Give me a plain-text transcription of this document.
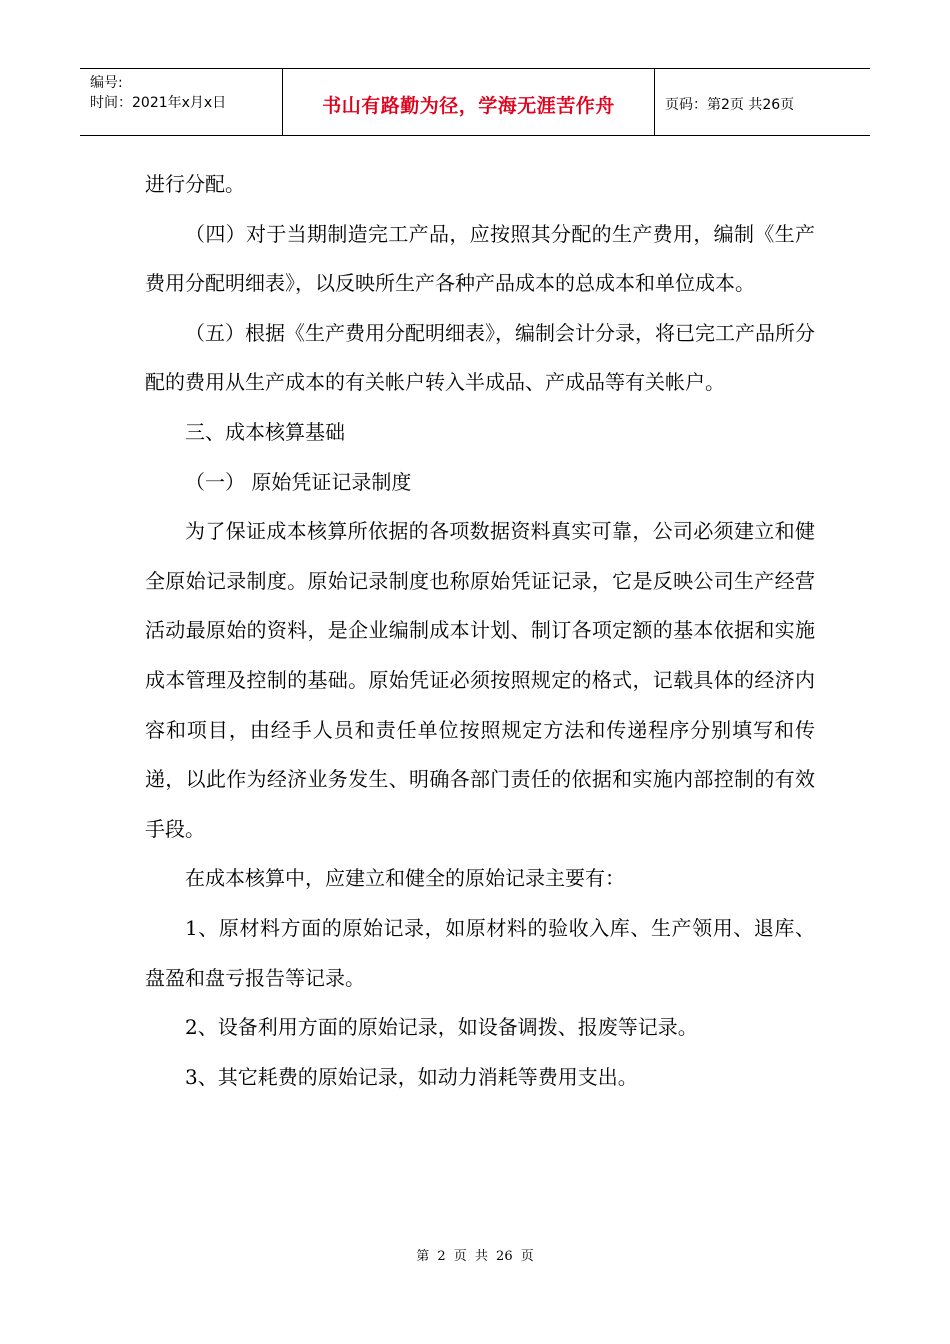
编号:
时间：2021年x月x日	书山有路勤为径，学海无涯苦作舟	页码：第2页 共26页

进行分配。

（四）对于当期制造完工产品，应按照其分配的生产费用，编制《生产费用分配明细表》，以反映所生产各种产品成本的总成本和单位成本。

（五）根据《生产费用分配明细表》，编制会计分录，将已完工产品所分配的费用从生产成本的有关帐户转入半成品、产成品等有关帐户。

三、成本核算基础

（一） 原始凭证记录制度

为了保证成本核算所依据的各项数据资料真实可靠，公司必须建立和健全原始记录制度。原始记录制度也称原始凭证记录，它是反映公司生产经营活动最原始的资料，是企业编制成本计划、制订各项定额的基本依据和实施成本管理及控制的基础。原始凭证必须按照规定的格式，记载具体的经济内容和项目，由经手人员和责任单位按照规定方法和传递程序分别填写和传递，以此作为经济业务发生、明确各部门责任的依据和实施内部控制的有效手段。

在成本核算中，应建立和健全的原始记录主要有：

1、原材料方面的原始记录，如原材料的验收入库、生产领用、退库、盘盈和盘亏报告等记录。

2、设备利用方面的原始记录，如设备调拨、报废等记录。

3、其它耗费的原始记录，如动力消耗等费用支出。

第 2 页 共 26 页
